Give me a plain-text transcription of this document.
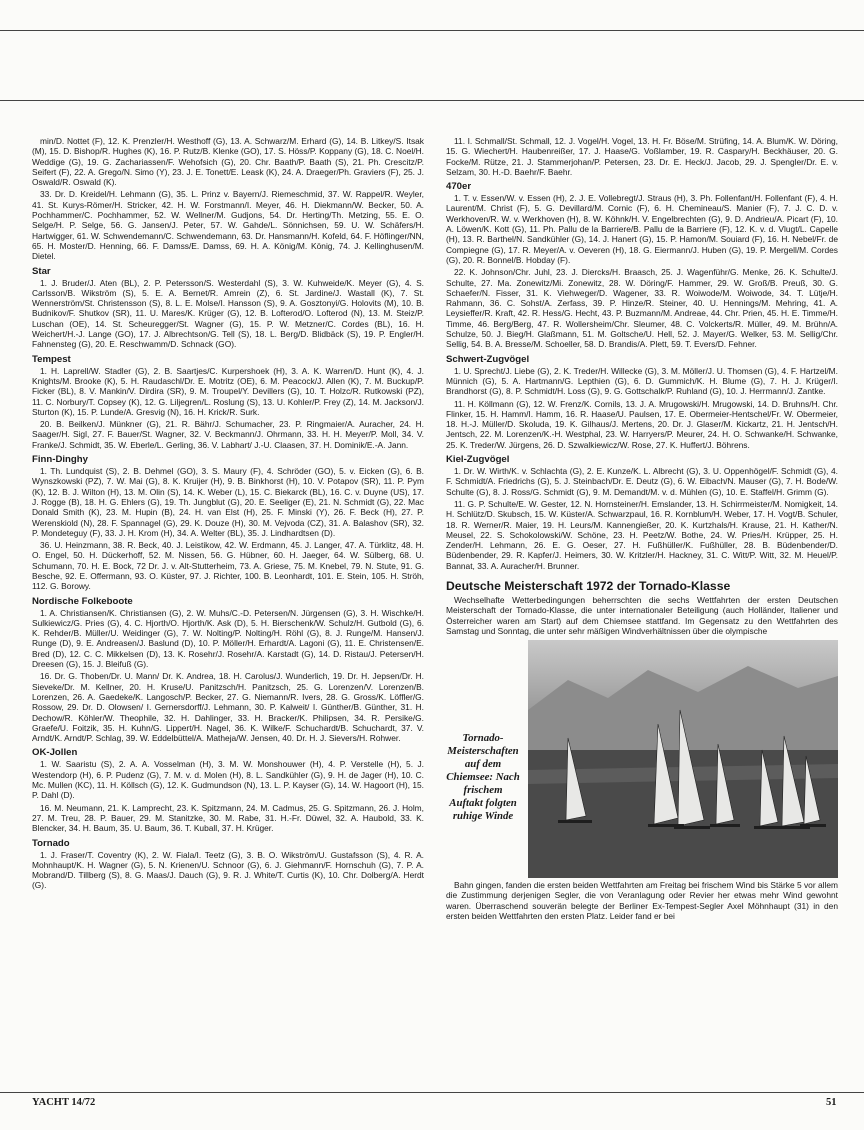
min/D. Nottet (F), 12. K. Prenzler/H. Westhoff (G), 13. A. Schwarz/M. Erhard (G), 14. B. Litkey/S. Itsak (M), 15. D. Bishop/R. Hughes (K), 16. P. Rutz/B. Klenke (GO), 17. S. Höss/P. Koppany (G), 18. C. Noel/H. Weddige (G), 19. G. Zachariassen/F. Wehofsich (G), 20. Chr. Baath/P. Baath (S), 21. Ph. Crescitz/P. Seifert (F), 22. A. Grego/N. Simo (Y), 23. J. E. Tonett/E. Leask (K), 24. A. Draeger/Ph. Graviers (F), 25. J. Oswald/R. Oswald (K).

33. Dr. D. Kreidel/H. Lehmann (G), 35. L. Prinz v. Bayern/J. Riemeschmid, 37. W. Rappel/R. Weyler, 41. St. Kurys-Römer/H. Stricker, 42. H. W. Forstmann/I. Meyer, 46. H. Diekmann/W. Becker, 50. A. Pochhammer/C. Pochhammer, 52. W. Wellner/M. Gudjons, 54. Dr. Herting/Th. Metzing, 55. E. O. Selge/H. P. Selge, 56. G. Jansen/J. Peter, 57. W. Gahde/L. Sönnichsen, 59. U. W. Schäfers/H. Hartwigger, 61. W. Schwendemann/C. Schwendemann, 63. Dr. Hansmann/H. Kofeld, 64. F. Höflinger/NN, 65. H. Moster/D. Henning, 66. F. Damss/E. Damss, 69. H. A. König/M. König, 74. J. Kellinghusen/M. Dietel.

Star

1. J. Bruder/J. Aten (BL), 2. P. Petersson/S. Westerdahl (S), 3. W. Kuhweide/K. Meyer (G), 4. S. Carlsson/B. Wikström (S), 5. E. A. Bernet/R. Amrein (Z), 6. St. Jardine/J. Wastall (K), 7. St. Wennerström/St. Christensson (S), 8. L. E. Molse/I. Hansson (S), 9. A. Gosztonyi/G. Holovits (M), 10. B. Budnikov/F. Shutkov (SR), 11. U. Mares/K. Krüger (G), 12. B. Lofterod/O. Lofterod (N), 13. M. Steiz/P. Luschan (OE), 14. St. Scheuregger/St. Wagner (G), 15. P. W. Metzner/C. Cordes (BL), 16. H. Weichert/H.-J. Lange (GO), 17. J. Albrechtson/G. Tell (S), 18. L. Berg/D. Blidbäck (S), 19. P. Engler/H. Fahnensteg (G), 20. E. Reschwamm/D. Schnack (GO).

Tempest

1. H. Laprell/W. Stadler (G), 2. B. Saartjes/C. Kurpershoek (H), 3. A. K. Warren/D. Hunt (K), 4. J. Knights/M. Brooke (K), 5. H. Raudaschl/Dr. E. Motritz (OE), 6. M. Peacock/J. Allen (K), 7. M. Buckup/P. Ficker (BL), 8. V. Mankin/V. Dirdira (SR), 9. M. Troupel/Y. Devillers (G), 10. T. Holzc/R. Rutkowski (PZ), 11. C. Norbury/T. Copsey (K), 12. G. Liljegren/L. Roslung (S), 13. U. Kohler/P. Frey (Z), 14. M. Jackson/J. Sturton (K), 15. P. Lunde/A. Gresvig (N), 16. H. Krick/R. Surk.

20. B. Beilken/J. Münkner (G), 21. R. Bähr/J. Schumacher, 23. P. Ringmaier/A. Auracher, 24. H. Saager/H. Sigl, 27. F. Bauer/St. Wagner, 32. V. Beckmann/J. Ohrmann, 33. H. H. Meyer/P. Moll, 34. V. Franke/J. Schmidt, 35. W. Eberle/L. Gerling, 36. V. Labhart/ J.-U. Claasen, 37. H. Dominik/E.-A. Jann.

Finn-Dinghy

1. Th. Lundquist (S), 2. B. Dehmel (GO), 3. S. Maury (F), 4. Schröder (GO), 5. v. Eicken (G), 6. B. Wynszkowski (PZ), 7. W. Mai (G), 8. K. Kruijer (H), 9. B. Binkhorst (H), 10. V. Potapov (SR), 11. P. Pym (K), 12. B. J. Wilton (H), 13. M. Olin (S), 14. K. Weber (L), 15. C. Biekarck (BL), 16. C. v. Duyne (US), 17. J. Rogge (B), 18. H. G. Ehlers (G), 19. Th. Jungblut (G), 20. E. Seeliger (E), 21. N. Schmidt (G), 22. Mac Donald Smith (K), 23. M. Hupin (B), 24. H. van Elst (H), 25. F. Minski (Y), 26. F. Beck (H), 27. P. Werenskiold (N), 28. F. Spannagel (G), 29. K. Douze (H), 30. M. Vejvoda (CZ), 31. A. Balashov (SR), 32. P. Mondeteguy (F), 33. J. H. Krom (H), 34. A. Welter (BL), 35. J. Lindhardtsen (D).

36. U. Heinzmann, 38. R. Beck, 40. J. Leistikow, 42. W. Erdmann, 45. J. Langer, 47. A. Türklitz, 48. H. O. Engel, 50. H. Dückerhoff, 52. M. Nissen, 56. G. Hübner, 60. H. Jaeger, 64. W. Sülberg, 68. U. Schumann, 70. H. E. Bock, 72 Dr. J. v. Alt-Stutterheim, 73. A. Griese, 75. M. Knebel, 79. N. Stute, 91. G. Besche, 92. E. Offermann, 93. O. Küster, 97. J. Richter, 100. B. Leonhardt, 101. E. Stein, 105. H. Ströh, 112. G. Borowy.

Nordische Folkeboote

1. A. Christiansen/K. Christiansen (G), 2. W. Muhs/C.-D. Petersen/N. Jürgensen (G), 3. H. Wischke/H. Sulkiewicz/G. Pries (G), 4. C. Hjorth/O. Hjorth/K. Ask (D), 5. H. Bierschenk/W. Schulz/H. Gutbold (G), 6. K. Rehder/B. Müller/U. Weidinger (G), 7. W. Nolting/P. Nolting/H. Röhl (G), 8. J. Runge/M. Hansen/J. Runge (D), 9. E. Andreasen/J. Baslund (D), 10. P. Möller/H. Erhardt/A. Lagoni (G), 11. E. Christensen/E. Bred (D), 12. C. C. Mikkelsen (D), 13. K. Rosehr/J. Rosehr/A. Karstadt (G), 14. D. Ristau/J. Petersen/H. Dreesen (G), 15. J. Bleifuß (G).

16. Dr. G. Thoben/Dr. U. Mann/ Dr. K. Andrea, 18. H. Carolus/J. Wunderlich, 19. Dr. H. Jepsen/Dr. H. Sieveke/Dr. M. Kellner, 20. H. Kruse/U. Panitzsch/H. Panitzsch, 25. G. Lorenzen/V. Lorenzen/B. Lorenzen, 26. A. Gaedeke/K. Langosch/P. Becker, 27. G. Niemann/R. Ivers, 28. G. Gross/K. Löffler/G. Rossow, 29. Dr. D. Olowsen/ I. Gernersdorff/J. Lehmann, 30. P. Kalweit/ I. Günther/B. Günther, 31. H. Dechow/R. Köhler/W. Theophile, 32. H. Dahlinger, 33. H. Bracker/K. Philipsen, 34. R. Persike/G. Graefe/U. Foitzik, 35. H. Kuhn/G. Lippert/H. Nagel, 36. K. Wilke/F. Schuchardt/B. Schuchardt, 37. V. Arndt/K. Arndt/P. Schlag, 39. W. Eddelbüttel/A. Matheja/W. Jensen, 40. Dr. H. J. Sievers/H. Rohwer.

OK-Jollen

1. W. Saaristu (S), 2. A. A. Vosselman (H), 3. M. W. Monshouwer (H), 4. P. Verstelle (H), 5. J. Westendorp (H), 6. P. Pudenz (G), 7. M. v. d. Molen (H), 8. L. Sandkühler (G), 9. H. de Jager (H), 10. C. Mc. Mullen (KC), 11. H. Köllsch (G), 12. K. Gudmundson (N), 13. L. P. Kayser (G), 14. W. Hagoort (H), 15. P. Dahl (D).

16. M. Neumann, 21. K. Lamprecht, 23. K. Spitzmann, 24. M. Cadmus, 25. G. Spitzmann, 26. J. Holm, 27. M. Treu, 28. P. Bauer, 29. M. Stanitzke, 30. M. Rabe, 31. H.-Fr. Düwel, 32. A. Haubold, 33. K. Blencker, 34. H. Baum, 35. U. Baum, 36. T. Kuball, 37. H. Krüger.

Tornado

1. J. Fraser/T. Coventry (K), 2. W. Fiala/I. Teetz (G), 3. B. O. Wikström/U. Gustafsson (S), 4. R. A. Mohnhaupt/K. H. Wagner (G), 5. N. Krienen/U. Schnoor (G), 6. J. Giehmann/F. Hornschuh (G), 7. P. A. Mobrand/D. Tillberg (S), 8. G. Maas/J. Dauch (G), 9. R. J. White/T. Curtis (K), 10. Chr. Dolberg/A. Herdt (G).

11. I. Schmall/St. Schmall, 12. J. Vogel/H. Vogel, 13. H. Fr. Böse/M. Strüfing, 14. A. Blum/K. W. Döring, 15. G. Wiechert/H. Haubenreißer, 17. J. Haase/G. Voßlamber, 19. R. Caspary/H. Beckhäuser, 20. G. Focke/M. Rütze, 21. J. Stammerjohan/P. Petersen, 23. Dr. E. Heck/J. Jacob, 29. J. Spengler/Dr. E. v. Selzam, 30. H.-D. Baehr/F. Baehr.

470er

1. T. v. Essen/W. v. Essen (H), 2. J. E. Vollebregt/J. Straus (H), 3. Ph. Follenfant/H. Follenfant (F), 4. H. Laurent/M. Christ (F), 5. G. Devillard/M. Cornic (F), 6. H. Chemineau/S. Manier (F), 7. J. C. D. v. Werkhoven/R. W. v. Werkhoven (H), 8. W. Köhnk/H. V. Engelbrechten (G), 9. D. Andrieu/A. Picart (F), 10. A. Löwen/K. Kott (G), 11. Ph. Pallu de la Barriere/B. Pallu de la Barriere (F), 12. K. v. d. Vlugt/L. Capelle (H), 13. R. Barthel/N. Sandkühler (G), 14. J. Hanert (G), 15. P. Hamon/M. Souiard (F), 16. H. Nebel/Fr. de Compiegne (G), 17. R. Meyer/A. v. Oeveren (H), 18. G. Eiermann/J. Huben (G), 19. P. Mergell/M. Cordes (G), 20. R. Bonnel/B. Hobday (F).

22. K. Johnson/Chr. Juhl, 23. J. Diercks/H. Braasch, 25. J. Wagenführ/G. Menke, 26. K. Schulte/J. Schulte, 27. Ma. Zonewitz/Mi. Zonewitz, 28. W. Döring/F. Hammer, 29. W. Groß/B. Preuß, 30. G. Schaefer/N. Fisser, 31. K. Viehweger/D. Wagener, 33. R. Woiwode/M. Woiwode, 34. T. Lütje/H. Rahmann, 36. C. Sohst/A. Zerfass, 39. P. Hinze/R. Steiner, 40. U. Hennings/M. Mehring, 41. A. Leysieffer/R. Kraft, 42. R. Hess/G. Hecht, 43. P. Buzmann/M. Andreae, 44. Chr. Prien, 45. H. E. Timme/H. Timme, 46. Berg/Berg, 47. R. Wollersheim/Chr. Sleumer, 48. C. Volckerts/R. Müller, 49. M. Brühn/A. Schulze, 50. J. Bieg/H. Glaßmann, 51. M. Goltsche/U. Hell, 52. J. Mayer/G. Welker, 53. M. Sellig/Chr. Sellig, 54. B. A. Bresse/M. Schoeller, 58. D. Brandis/A. Plett, 59. T. Evers/D. Fehner.

Schwert-Zugvögel

1. U. Sprecht/J. Liebe (G), 2. K. Treder/H. Willecke (G), 3. M. Möller/J. U. Thomsen (G), 4. F. Hartzel/M. Münnich (G), 5. A. Hartmann/G. Lepthien (G), 6. D. Gummich/K. H. Blume (G), 7. H. J. Krüger/I. Brandhorst (G), 8. P. Schmidt/H. Loss (G), 9. G. Gottschalk/P. Ruhland (G), 10. J. Herrmann/J. Zantke.

11. H. Köllmann (G), 12. W. Frenz/K. Cornils, 13. J. A. Mrugowski/H. Mrugowski, 14. D. Bruhns/H. Chr. Flinker, 15. H. Hamm/I. Hamm, 16. R. Haase/U. Paulsen, 17. E. Obermeier-Hentschel/Fr. W. Obermeier, 18. H.-J. Müller/D. Skoluda, 19. K. Gilhaus/J. Mertens, 20. Dr. J. Glaser/M. Kickartz, 21. H. Jentsch/H. Jentsch, 22. M. Lorenzen/K.-H. Westphal, 23. W. Harryers/P. Meurer, 24. H. O. Schwanke/H. Schwanke, 25. K. Treder/W. Jürgens, 26. D. Szwalkiewicz/W. Rose, 27. K. Huffert/J. Böhrens.

Kiel-Zugvögel

1. Dr. W. Wirth/K. v. Schlachta (G), 2. E. Kunze/K. L. Albrecht (G), 3. U. Oppenhögel/F. Schmidt (G), 4. F. Schmidt/A. Friedrichs (G), 5. J. Steinbach/Dr. E. Deutz (G), 6. W. Eibach/N. Mauser (G), 7. H. Bode/W. Schulte (G), 8. J. Ross/G. Schmidt (G), 9. M. Demandt/M. v. d. Mühlen (G), 10. E. Staffel/H. Grimm (G).

11. G. P. Schulte/E. W. Gester, 12. N. Hornsteiner/H. Emslander, 13. H. Schirrmeister/M. Nomigkeit, 14. H. Schlütz/D. Skubsch, 15. W. Küster/A. Schwarzpaul, 16. R. Kornblum/H. Weber, 17. H. Vogt/B. Schuler, 18. R. Werner/R. Maier, 19. H. Leurs/M. Kannengießer, 20. K. Kurtzhals/H. Krause, 21. H. Kather/N. Meusel, 22. S. Schokolowski/W. Schöne, 23. H. Peetz/W. Bothe, 24. W. Pries/H. Krüpper, 25. H. Zender/H. Lehmann, 26. E. G. Oeser, 27. H. Fußhüller/K. Fußhüller, 28. B. Büdenbender/D. Büdenbender, 29. R. Kapfer/J. Heimers, 30. W. Kritzler/H. Hackney, 31. C. Witt/P. Witt, 32. M. Heuel/P. Bannat, 33. A. Auracher/H. Brunner.

Deutsche Meisterschaft 1972 der Tornado-Klasse

Wechselhafte Wetterbedingungen beherrschten die sechs Wettfahrten der ersten Deutschen Meisterschaft der Tornado-Klasse, die unter internationaler Beteiligung (auch Holländer, Italiener und Österreicher waren am Start) auf dem Chiemsee stattfand. Im Gegensatz zu den Wettfahrten des Samstag und Sonntag, die unter sehr mäßigen Windverhältnissen über die olympische

Tornado-Meisterschaften auf dem Chiemsee: Nach frischem Auftakt folgten ruhige Winde

Bahn gingen, fanden die ersten beiden Wettfahrten am Freitag bei frischem Wind bis Stärke 5 vor allem die Zustimmung derjenigen Segler, die von Veranlagung oder Revier her etwas mehr Wind gewohnt waren. Überraschend souverän belegte der Berliner Ex-Tempest-Segler Axel Möhnhaupt (31) in den ersten beiden Wettfahrten den ersten Platz. Leider fand er bei

YACHT 14/72	51
